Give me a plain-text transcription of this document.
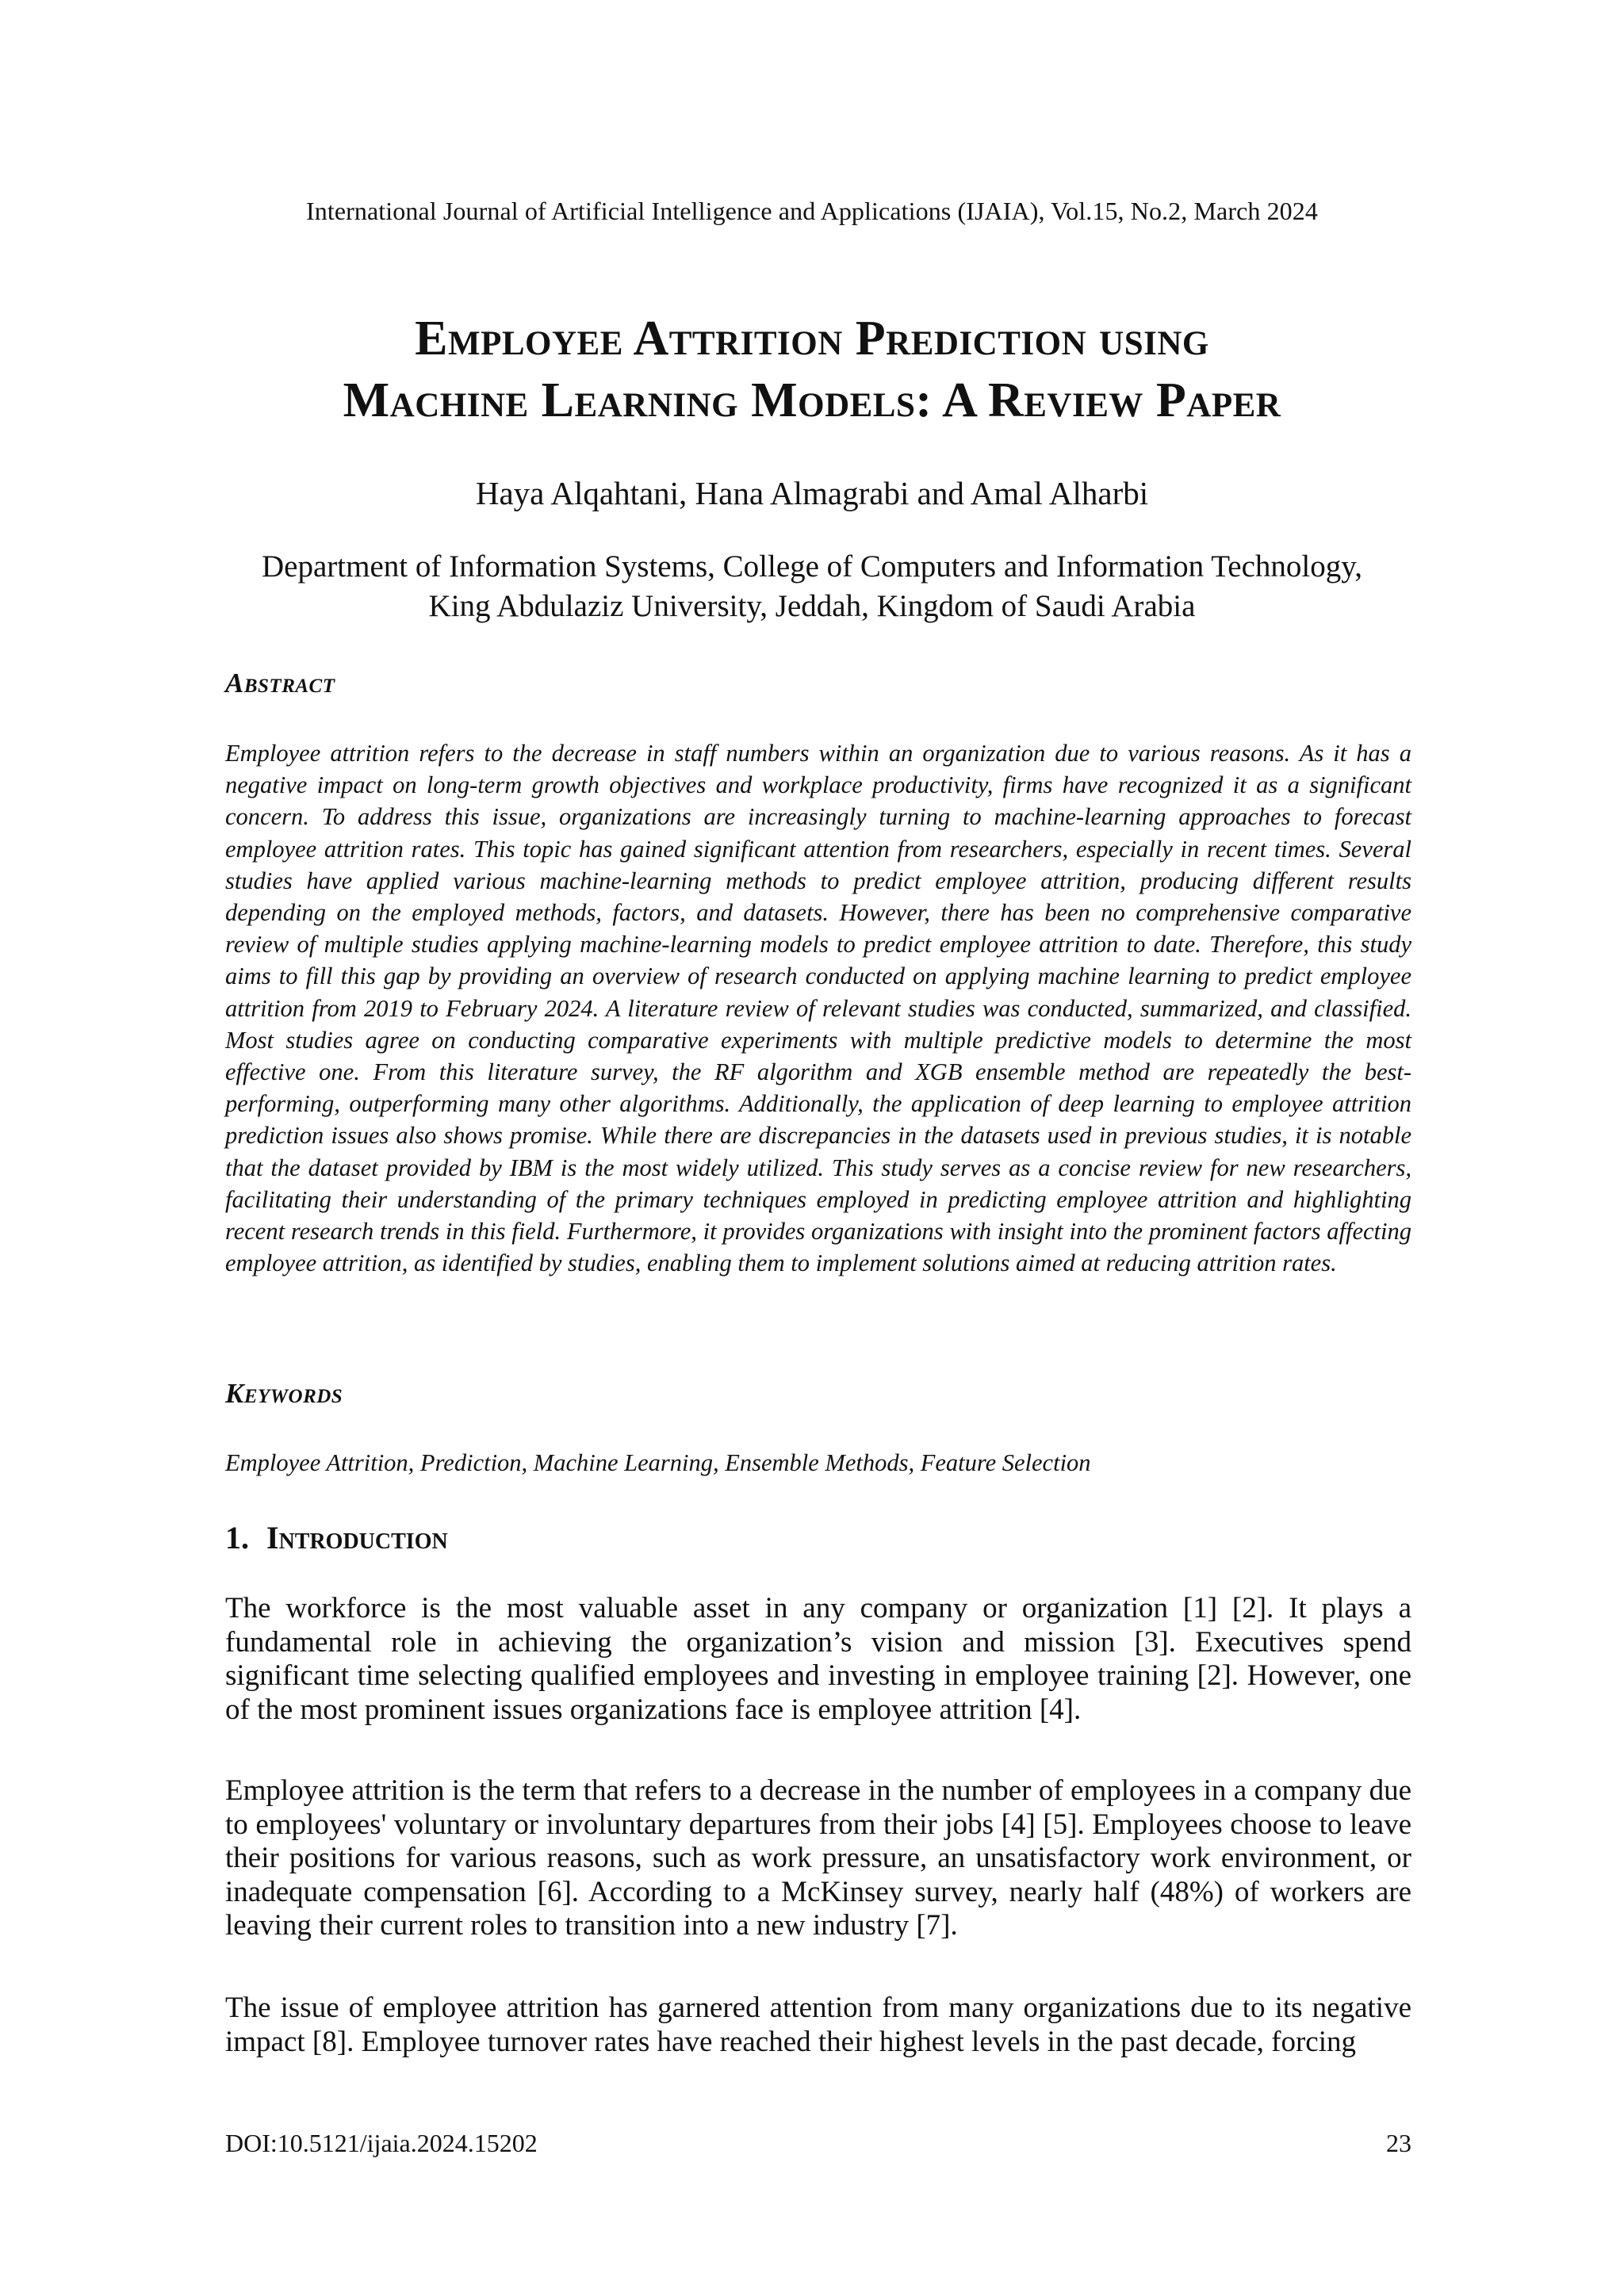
International Journal of Artificial Intelligence and Applications (IJAIA), Vol.15, No.2, March 2024
Employee Attrition Prediction using
Machine Learning Models: A Review Paper
Haya Alqahtani, Hana Almagrabi and Amal Alharbi
Department of Information Systems, College of Computers and Information Technology,
King Abdulaziz University, Jeddah, Kingdom of Saudi Arabia
Abstract
Employee attrition refers to the decrease in staff numbers within an organization due to various reasons. As it has a negative impact on long-term growth objectives and workplace productivity, firms have recognized it as a significant concern. To address this issue, organizations are increasingly turning to machine-learning approaches to forecast employee attrition rates. This topic has gained significant attention from researchers, especially in recent times. Several studies have applied various machine-learning methods to predict employee attrition, producing different results depending on the employed methods, factors, and datasets. However, there has been no comprehensive comparative review of multiple studies applying machine-learning models to predict employee attrition to date. Therefore, this study aims to fill this gap by providing an overview of research conducted on applying machine learning to predict employee attrition from 2019 to February 2024. A literature review of relevant studies was conducted, summarized, and classified. Most studies agree on conducting comparative experiments with multiple predictive models to determine the most effective one. From this literature survey, the RF algorithm and XGB ensemble method are repeatedly the best-performing, outperforming many other algorithms. Additionally, the application of deep learning to employee attrition prediction issues also shows promise. While there are discrepancies in the datasets used in previous studies, it is notable that the dataset provided by IBM is the most widely utilized. This study serves as a concise review for new researchers, facilitating their understanding of the primary techniques employed in predicting employee attrition and highlighting recent research trends in this field. Furthermore, it provides organizations with insight into the prominent factors affecting employee attrition, as identified by studies, enabling them to implement solutions aimed at reducing attrition rates.
Keywords
Employee Attrition, Prediction, Machine Learning, Ensemble Methods, Feature Selection
1. Introduction
The workforce is the most valuable asset in any company or organization [1] [2]. It plays a fundamental role in achieving the organization’s vision and mission [3]. Executives spend significant time selecting qualified employees and investing in employee training [2]. However, one of the most prominent issues organizations face is employee attrition [4].
Employee attrition is the term that refers to a decrease in the number of employees in a company due to employees' voluntary or involuntary departures from their jobs [4] [5]. Employees choose to leave their positions for various reasons, such as work pressure, an unsatisfactory work environment, or inadequate compensation [6]. According to a McKinsey survey, nearly half (48%) of workers are leaving their current roles to transition into a new industry [7].
The issue of employee attrition has garnered attention from many organizations due to its negative impact [8]. Employee turnover rates have reached their highest levels in the past decade, forcing
DOI:10.5121/ijaia.2024.15202	23
